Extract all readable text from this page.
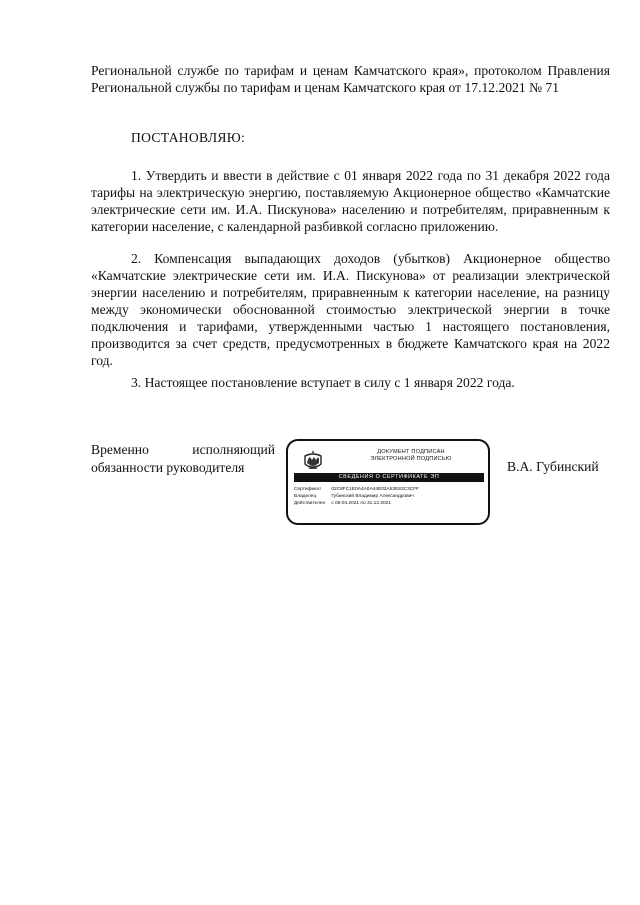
Региональной службе по тарифам и ценам Камчатского края», протоколом Правления Региональной службы по тарифам и ценам Камчатского края от 17.12.2021 № 71
ПОСТАНОВЛЯЮ:
1. Утвердить и ввести в действие с 01 января 2022 года по 31 декабря 2022 года тарифы на электрическую энергию, поставляемую Акционерное общество «Камчатские электрические сети им. И.А. Пискунова» населению и потребителям, приравненным к категории население, с календарной разбивкой согласно приложению.
2. Компенсация выпадающих доходов (убытков) Акционерное общество «Камчатские электрические сети им. И.А. Пискунова» от реализации электрической энергии населению и потребителям, приравненным к категории население, на разницу между экономически обоснованной стоимостью электрической энергии в точке подключения и тарифами, утвержденными частью 1 настоящего постановления, производится за счет средств, предусмотренных в бюджете Камчатского края на 2022 год.
3. Настоящее постановление вступает в силу с 1 января 2022 года.
Временно исполняющий
обязанности руководителя
ДОКУМЕНТ ПОДПИСАН
ЭЛЕКТРОННОЙ ПОДПИСЬЮ
СВЕДЕНИЯ О СЕРТИФИКАТЕ ЭП
Сертификат 02C8FC1E0A4A0A44E02A53E83C3CFF
Владелец	Губинский Владимир Александрович
Действителен с 09.04.2021 по 31.12.2021
В.А. Губинский
